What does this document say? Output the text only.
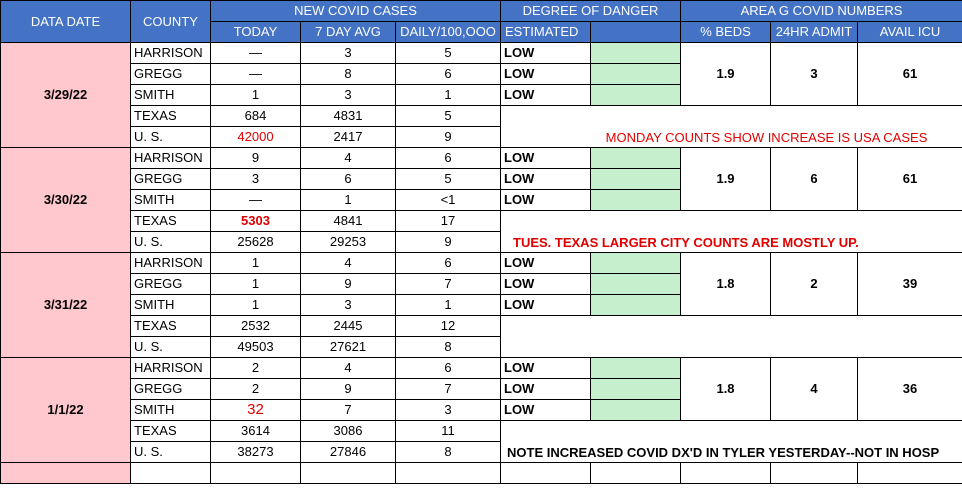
DATA DATE	COUNTY	NEW COVID CASES			DEGREE OF DANGER		AREA G COVID NUMBERS		
		TODAY	7 DAY AVG	DAILY/100,OOO	ESTIMATED		% BEDS	24HR ADMIT	AVAIL ICU
3/29/22	HARRISON	—	3	5	LOW		1.9	3	61
	GREGG	—	8	6	LOW				
	SMITH	1	3	1	LOW				
	TEXAS	684	4831	5	MONDAY COUNTS SHOW INCREASE IS USA CASES				

	U. S.	42000	2417	9					
3/30/22	HARRISON	9	4	6	LOW		1.9	6	61
	GREGG	3	6	5	LOW				
	SMITH	—	1	<1	LOW				
	TEXAS	5303	4841	17	TUES. TEXAS LARGER CITY COUNTS ARE MOSTLY UP.				

	U. S.	25628	29253	9					
3/31/22	HARRISON	1	4	6	LOW		1.8	2	39
	GREGG	1	9	7	LOW				
	SMITH	1	3	1	LOW				
	TEXAS	2532	2445	12					
	U. S.	49503	27621	8					
1/1/22	HARRISON	2	4	6	LOW		1.8	4	36
	GREGG	2	9	7	LOW				
	SMITH	32	7	3	LOW				
	TEXAS	3614	3086	11	NOTE INCREASED COVID DX'D IN TYLER YESTERDAY--NOT IN HOSP				

	U. S.	38273	27846	8					
